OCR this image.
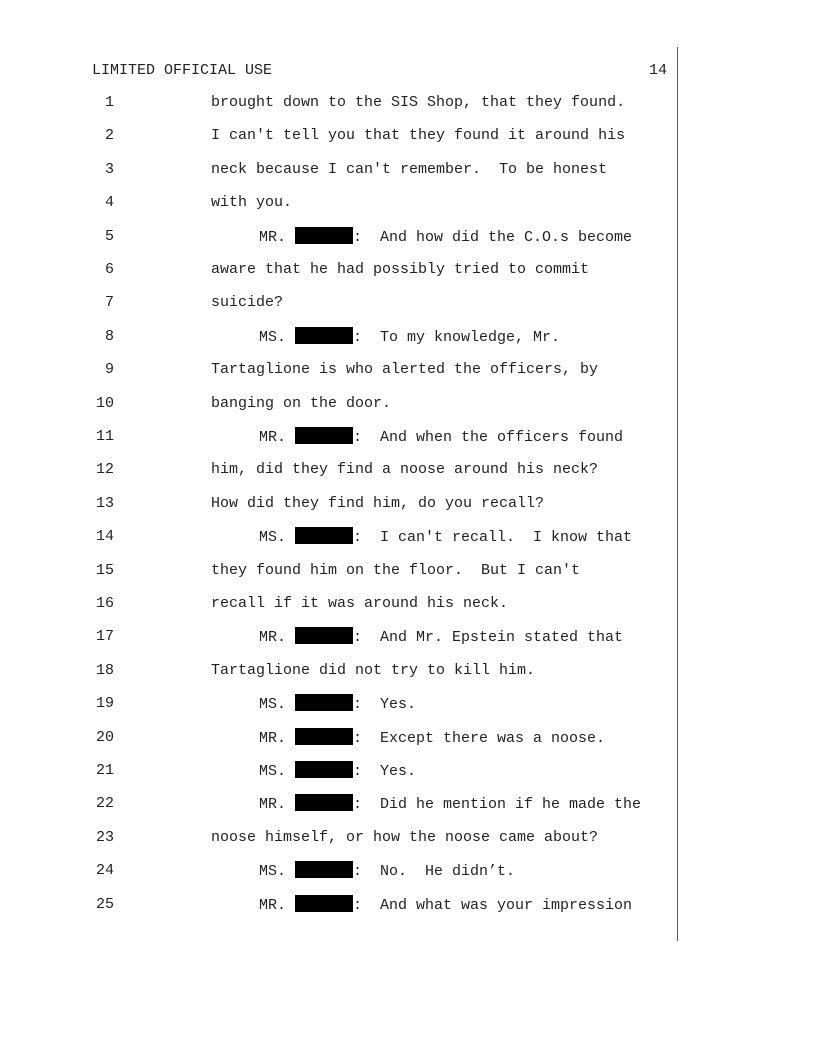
LIMITED OFFICIAL USE	14
1	brought down to the SIS Shop, that they found.
2	I can't tell you that they found it around his
3	neck because I can't remember.  To be honest
4	with you.
5	MR.	:  And how did the C.O.s become
6	aware that he had possibly tried to commit
7	suicide?
8	MS.	:  To my knowledge, Mr.
9	Tartaglione is who alerted the officers, by
10	banging on the door.
11	MR.	:  And when the officers found
12	him, did they find a noose around his neck?
13	How did they find him, do you recall?
14	MS.	:  I can't recall.  I know that
15	they found him on the floor.  But I can't
16	recall if it was around his neck.
17	MR.	:  And Mr. Epstein stated that
18	Tartaglione did not try to kill him.
19	MS.	:  Yes.
20	MR.	:  Except there was a noose.
21	MS.	:  Yes.
22	MR.	:  Did he mention if he made the
23	noose himself, or how the noose came about?
24	MS.	:  No.  He didn’t.
25	MR.	:  And what was your impression
